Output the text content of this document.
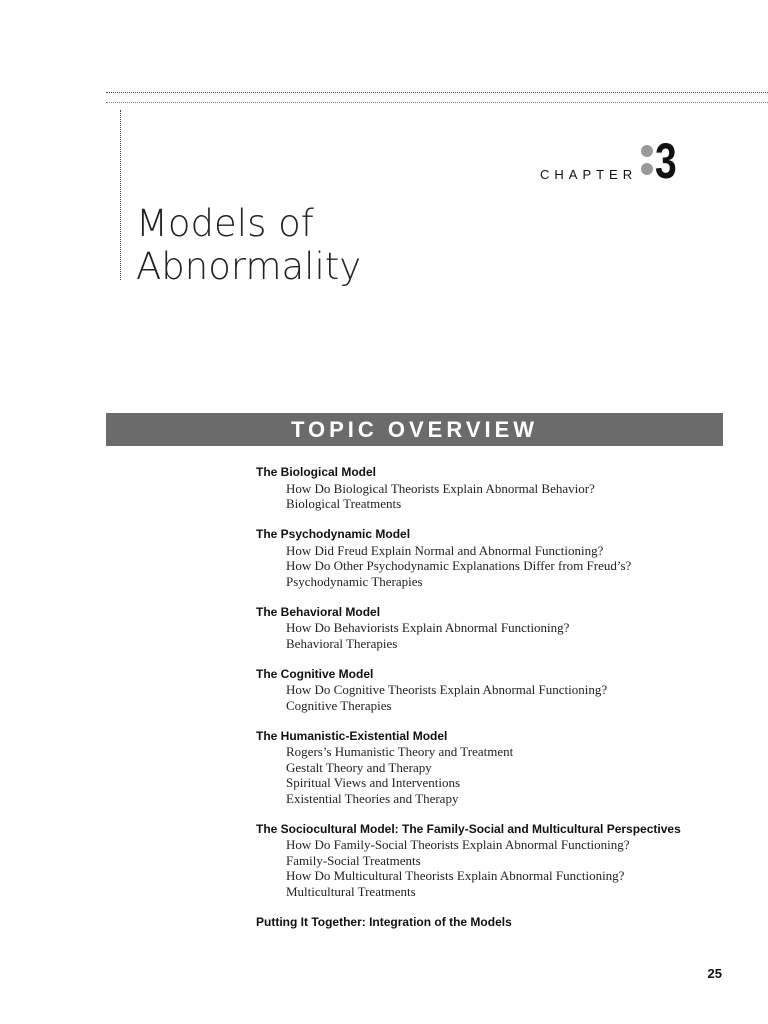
CHAPTER 3
Models of
Abnormality
TOPIC OVERVIEW
The Biological Model
How Do Biological Theorists Explain Abnormal Behavior?
Biological Treatments
The Psychodynamic Model
How Did Freud Explain Normal and Abnormal Functioning?
How Do Other Psychodynamic Explanations Differ from Freud’s?
Psychodynamic Therapies
The Behavioral Model
How Do Behaviorists Explain Abnormal Functioning?
Behavioral Therapies
The Cognitive Model
How Do Cognitive Theorists Explain Abnormal Functioning?
Cognitive Therapies
The Humanistic-Existential Model
Rogers’s Humanistic Theory and Treatment
Gestalt Theory and Therapy
Spiritual Views and Interventions
Existential Theories and Therapy
The Sociocultural Model: The Family-Social and Multicultural Perspectives
How Do Family-Social Theorists Explain Abnormal Functioning?
Family-Social Treatments
How Do Multicultural Theorists Explain Abnormal Functioning?
Multicultural Treatments
Putting It Together: Integration of the Models
25
